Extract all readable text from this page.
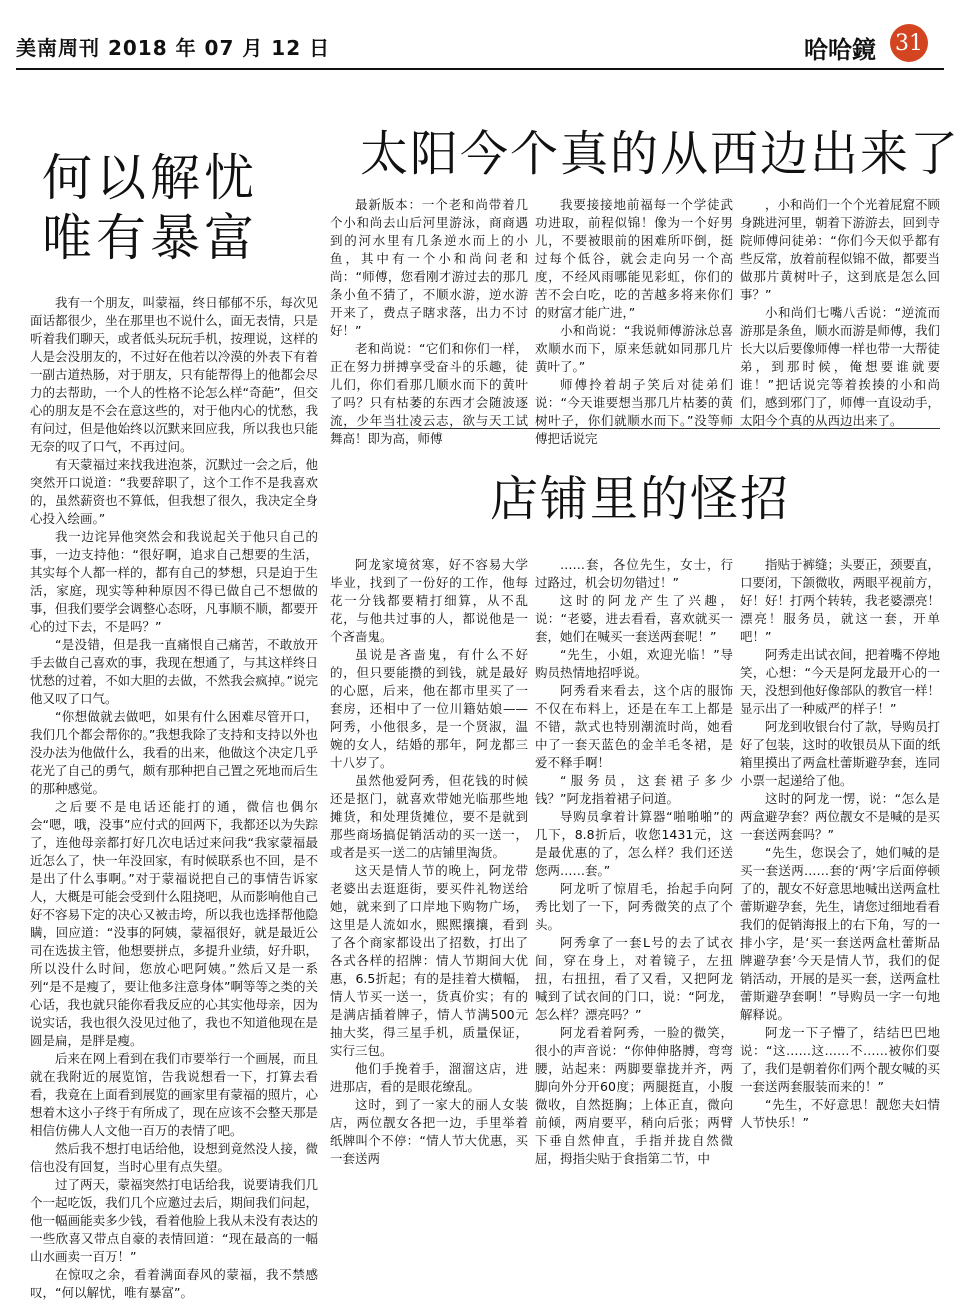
美南周刊 2018 年 07 月 12 日	哈哈鏡 31
何以解忧
唯有暴富

我有一个朋友，叫蒙福，终日郁郁不乐，每次见面话都很少，坐在那里也不说什么，面无表情，只是听着我们聊天，或者低头玩玩手机，按理说，这样的人是会没朋友的，不过好在他若以冷漠的外表下有着一副古道热肠，对于朋友，只有能帮得上的他都会尽力的去帮助，一个人的性格不论怎么样“奇葩”，但交心的朋友是不会在意这些的，对于他内心的忧愁，我有问过，但是他始终以沉默来回应我，所以我也只能无奈的叹了口气，不再过问。

有天蒙福过来找我进泡茶，沉默过一会之后，他突然开口说道：“我要辞职了，这个工作不是我喜欢的，虽然薪资也不算低，但我想了很久，我决定全身心投入绘画。”

我一边诧异他突然会和我说起关于他只自己的事，一边支持他：“很好啊，追求自己想要的生活，其实每个人都一样的，都有自己的梦想，只是迫于生活，家庭，现实等种种原因不得已做自己不想做的事，但我们要学会调整心态呀，凡事顺不顺，都要开心的过下去，不是吗？”

“是没错，但是我一直痛恨自己痛苦，不敢放开手去做自己喜欢的事，我现在想通了，与其这样终日忧愁的过着，不如大胆的去做，不然我会疯掉。”说完他又叹了口气。

“你想做就去做吧，如果有什么困难尽管开口，我们几个都会帮你的。”我想我除了支持和支持以外也没办法为他做什么，我看的出来，他做这个决定几乎花光了自己的勇气，颇有那种把自己置之死地而后生的那种感觉。

之后要不是电话还能打的通，微信也偶尔会“嗯，哦，没事”应付式的回两下，我都还以为失踪了，连他母亲都打好几次电话过来问我“我家蒙福最近怎么了，快一年没回家，有时候联系也不回，是不是出了什么事啊。”对于蒙福说把自己的事情告诉家人，大概是可能会受到什么阻挠吧，从而影响他自己好不容易下定的决心又被击垮，所以我也选择帮他隐瞒，回应道：“没事的阿姨，蒙福很好，就是最近公司在选拔主管，他想要拼点，多提升业绩，好升职，所以没什么时间，您放心吧阿姨。”然后又是一系列“是不是瘦了，要让他多注意身体”啊等等之类的关心话，我也就只能你看我反应的心其实他母亲，因为说实话，我也很久没见过他了，我也不知道他现在是圆是扁，是胖是瘦。

后来在网上看到在我们市要举行一个画展，而且就在我附近的展览馆，告我说想看一下，打算去看看，我竟在上面看到展览的画家里有蒙福的照片，心想着木这小子终于有所成了，现在应该不会整天那是相信仿佛人人文他一百万的表情了吧。

然后我不想打电话给他，设想到竟然没人接，微信也没有回复，当时心里有点失望。

过了两天，蒙福突然打电话给我，说要请我们几个一起吃饭，我们几个应邀过去后，期间我们问起，他一幅画能卖多少钱，看着他脸上我从未没有表达的一些欣喜又带点自豪的表情回道：“现在最高的一幅山水画卖一百万！”

在惊叹之余，看着满面春风的蒙福，我不禁感叹，“何以解忧，唯有暴富”。

太阳今个真的从西边出来了

最新版本：一个老和尚带着几个小和尚去山后河里游泳，商商遇到的河水里有几条逆水而上的小鱼，其中有一个小和尚问老和尚：“师傅，您看刚才游过去的那几条小鱼不猜了，不顺水游，逆水游开来了，费点子瞎求落，出力不讨好！”

老和尚说：“它们和你们一样，正在努力拼搏享受奋斗的乐趣，徒儿们，你们看那几顺水而下的黄叶了吗？只有枯萎的东西才会随波逐流，少年当壮凌云志，欲与天工试舞高！即为高，师傅

我要接接地前福每一个学徒武功进取，前程似锦！像为一个好男儿，不要被眼前的困难所吓倒，挺过每个低谷，就会走向另一个高度，不经风雨哪能见彩虹，你们的苦不会白吃，吃的苦越多将来你们的财富才能广进，”

小和尚说：“我说师傅游泳总喜欢顺水而下，原来恁就如同那几片黄叶了。”

师傅拎着胡子笑后对徒弟们说：“今天谁要想当那几片枯萎的黄树叶子，你们就顺水而下。”没等师傅把话说完

，小和尚们一个个光着屁窟不顾身跳进河里，朝着下游游去，回到寺院师傅问徒弟：“你们今天似乎都有些反常，放着前程似锦不做，都要当做那片黄树叶子，这到底是怎么回事？”

小和尚们七嘴八舌说：“逆流而游那是条鱼，顺水而游是师傅，我们长大以后要像师傅一样也带一大帮徒弟，到那时候，俺想要谁就要谁！”把话说完等着挨揍的小和尚们，感到邪门了，师傅一直设动手，太阳今个真的从西边出来了。

店铺里的怪招

阿龙家境贫寒，好不容易大学毕业，找到了一份好的工作，他每花一分钱都要精打细算，从不乱花，与他共过事的人，都说他是一个吝啬鬼。

虽说是吝啬鬼，有什么不好的，但只要能攒的到钱，就是最好的心愿，后来，他在都市里买了一套房，还相中了一位川籍姑娘——阿秀，小他很多，是一个贤淑，温婉的女人，结婚的那年，阿龙都三十八岁了。

虽然他爱阿秀，但花钱的时候还是抠门，就喜欢带她光临那些地摊货，和处理货摊位，要不是就到那些商场搞促销活动的买一送一，或者是买一送二的店铺里淘货。

这天是情人节的晚上，阿龙带老婆出去逛逛街，要买件礼物送给她，就来到了口岸地下购物广场，这里是人流如水，熙熙攘攘，看到了各个商家都设出了招数，打出了各式各样的招牌：情人节期间大优惠，6.5折起；有的是挂着大横幅，情人节买一送一，货真价实；有的是满店插着牌子，情人节满500元抽大奖，得三星手机，质量保证，实行三包。

他们手挽着手，溜溜这店，进进那店，看的是眼花缭乱。

这时，到了一家大的丽人女装店，两位靓女各把一边，手里举着纸牌叫个不停：“情人节大优惠，买一套送两

……套，各位先生，女士，行过路过，机会切勿错过！”

这时的阿龙产生了兴趣，说：“老婆，进去看看，喜欢就买一套，她们在喊买一套送两套呢！”

“先生，小姐，欢迎光临！”导购员热情地招呼说。

阿秀看来看去，这个店的服饰不仅在布料上，还是在车工上都是不错，款式也特别潮流时尚，她看中了一套天蓝色的金羊毛冬裙，是爱不释手啊！

“服务员，这套裙子多少钱？”阿龙指着裙子问道。

导购员拿着计算器“啪啪啪”的几下，8.8折后，收您1431元，这是最优惠的了，怎么样？我们还送您两……套。”

阿龙听了惊眉毛，抬起手向阿秀比划了一下，阿秀微笑的点了个头。

阿秀拿了一套L号的去了试衣间，穿在身上，对着镜子，左扭扭，右扭扭，看了又看，又把阿龙喊到了试衣间的门口，说：“阿龙，怎么样？漂亮吗？”

阿龙看着阿秀，一脸的微笑，很小的声音说：“你伸伸胳膊，弯弯腰，站起来：两脚要靠拢并齐，两脚向外分开60度；两腿挺直，小腹微收，自然挺胸；上体正直，微向前倾，两肩要平，稍向后张；两臂下垂自然伸直，手指并拢自然微屈，拇指尖贴于食指第二节，中

指贴于裤缝；头要正，颈要直，口要闭，下颌微收，两眼平视前方，好！好！打两个转转，我老婆漂亮！漂亮！服务员，就这一套，开单吧！”

阿秀走出试衣间，把着嘴不停地笑，心想：“今天是阿龙最开心的一天，没想到他好像部队的教官一样！显示出了一种威严的样子！”

阿龙到收银台付了款，导购员打好了包装，这时的收银员从下面的纸箱里摸出了两盒杜蕾斯避孕套，连同小票一起递给了他。

这时的阿龙一愣，说：“怎么是两盒避孕套？两位靓女不是喊的是买一套送两套吗？”

“先生，您误会了，她们喊的是买一套送两……套的‘两’字后面停顿了的，靓女不好意思地喊出送两盒杜蕾斯避孕套，先生，请您过细地看看我们的促销海报上的右下角，写的一排小字，是‘买一套送两盒杜蕾斯品牌避孕套’今天是情人节，我们的促销活动，开展的是买一套，送两盒杜蕾斯避孕套啊！”导购员一字一句地解释说。

阿龙一下子懵了，结结巴巴地说：“这……这……不……被你们耍了，我们是朝着你们两个靓女喊的买一套送两套服装而来的！”

“先生，不好意思！靓您夫妇情人节快乐！”
